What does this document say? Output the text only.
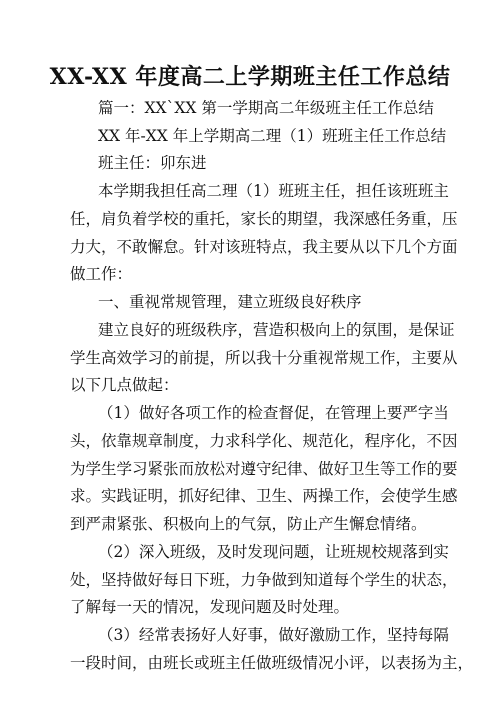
XX-XX 年度高二上学期班主任工作总结
篇一：XX`XX 第一学期高二年级班主任工作总结
XX 年-XX 年上学期高二理（1）班班主任工作总结
班主任：卯东进
本学期我担任高二理（1）班班主任，担任该班班主
任，肩负着学校的重托，家长的期望，我深感任务重，压
力大，不敢懈怠。针对该班特点，我主要从以下几个方面
做工作：
一、重视常规管理，建立班级良好秩序
建立良好的班级秩序，营造积极向上的氛围，是保证
学生高效学习的前提，所以我十分重视常规工作，主要从
以下几点做起：
（1）做好各项工作的检查督促，在管理上要严字当
头，依靠规章制度，力求科学化、规范化，程序化，不因
为学生学习紧张而放松对遵守纪律、做好卫生等工作的要
求。实践证明，抓好纪律、卫生、两操工作，会使学生感
到严肃紧张、积极向上的气氛，防止产生懈怠情绪。
（2）深入班级，及时发现问题，让班规校规落到实
处，坚持做好每日下班，力争做到知道每个学生的状态，
了解每一天的情况，发现问题及时处理。
（3）经常表扬好人好事，做好激励工作，坚持每隔
一段时间，由班长或班主任做班级情况小评，以表扬为主，
